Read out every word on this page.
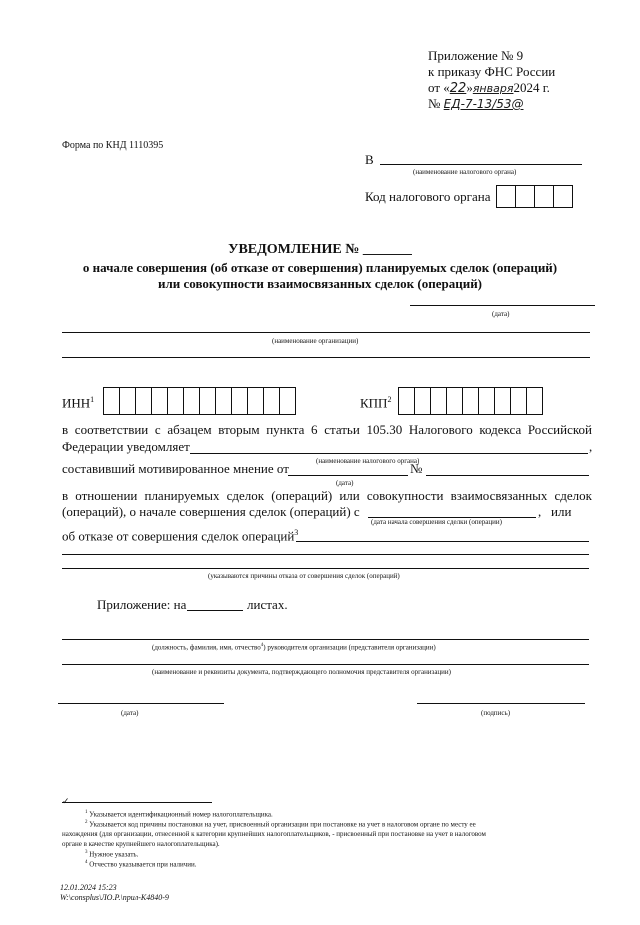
Приложение № 9
к приказу ФНС России
от «22»января2024 г.
№ ЕД-7-13/53@
Форма по КНД 1110395
В
(наименование налогового органа)
Код налогового органа
УВЕДОМЛЕНИЕ № _______
о начале совершения (об отказе от совершения) планируемых сделок (операций)
или совокупности взаимосвязанных сделок (операций)
(дата)
(наименование организации)
ИНН$^1$	КПП$^2$
в соответствии с абзацем вторым пункта 6 статьи 105.30 Налогового кодекса Российской
Федерации уведомляет	,
(наименование налогового органа)
составивший мотивированное мнение от	№
(дата)
в отношении планируемых сделок (операций) или совокупности взаимосвязанных сделок
(операций), о начале совершения сделок (операций) с	, или
(дата начала совершения сделки (операции)
об отказе от совершения сделок операций$^3$
(указываются причины отказа от совершения сделок (операций)
Приложение: на	листах.
(должность, фамилия, имя, отчество$^4$) руководителя организации (представителя организации)
(наименование и реквизиты документа, подтверждающего полномочия представителя организации)
(дата)	(подпись)
✓
$^1$ Указывается идентификационный номер налогоплательщика.
$^2$ Указывается код причины постановки на учет, присвоенный организации при постановке на учет в налоговом органе по месту ее
нахождения (для организации, отнесенной к категории крупнейших налогоплательщиков, - присвоенный при постановке на учет в налоговом
органе в качестве крупнейшего налогоплательщика).
$^3$ Нужное указать.
$^4$ Отчество указывается при наличии.
12.01.2024 15:23
W:\consplus\ЛО.Р.\прил-К4840-9
